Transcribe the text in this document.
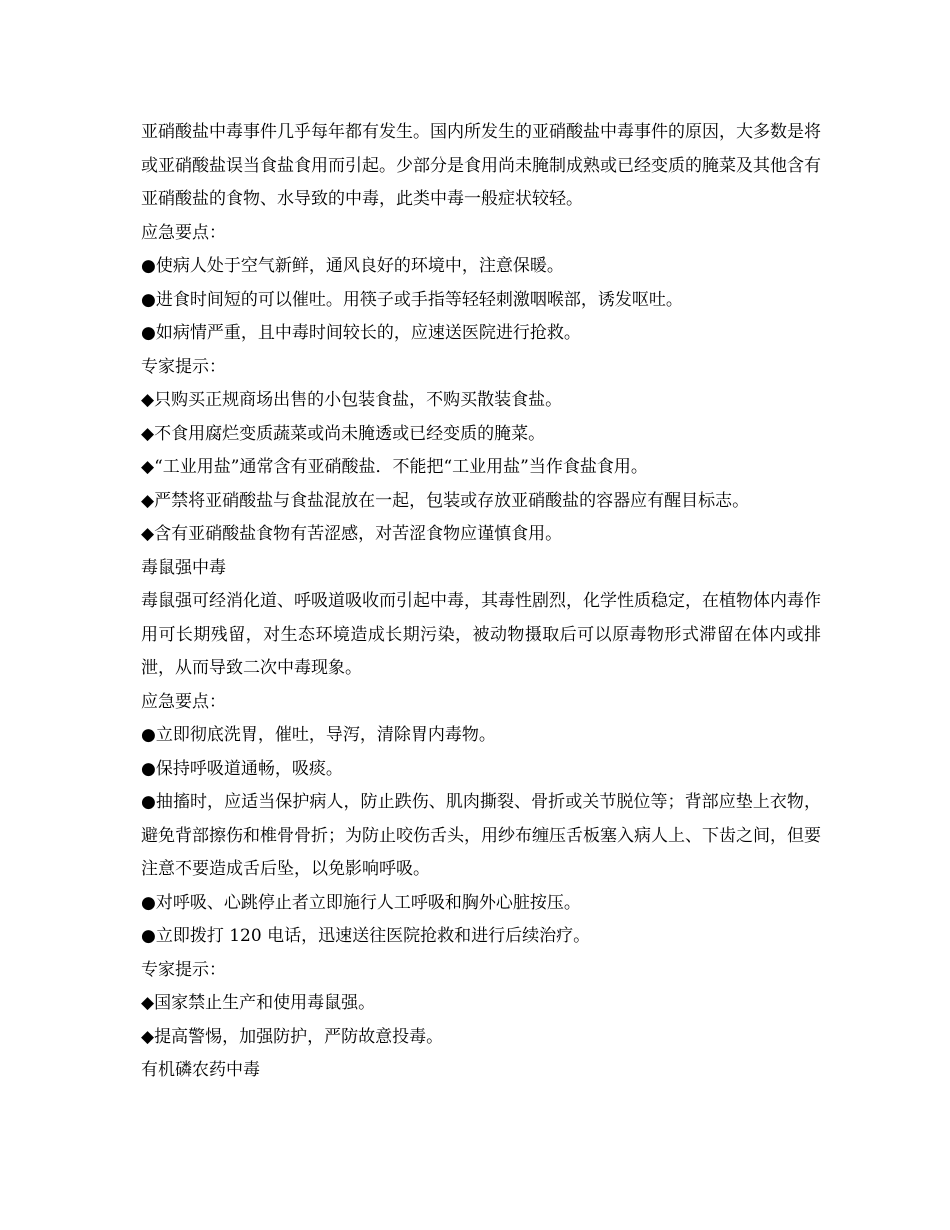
亚硝酸盐中毒事件几乎每年都有发生。国内所发生的亚硝酸盐中毒事件的原因，大多数是将或亚硝酸盐误当食盐食用而引起。少部分是食用尚未腌制成熟或已经变质的腌菜及其他含有亚硝酸盐的食物、水导致的中毒，此类中毒一般症状较轻。

应急要点：

●使病人处于空气新鲜，通风良好的环境中，注意保暖。

●进食时间短的可以催吐。用筷子或手指等轻轻刺激咽喉部，诱发呕吐。

●如病情严重，且中毒时间较长的，应速送医院进行抢救。

专家提示：

◆只购买正规商场出售的小包装食盐，不购买散装食盐。

◆不食用腐烂变质蔬菜或尚未腌透或已经变质的腌菜。

◆“工业用盐”通常含有亚硝酸盐．不能把“工业用盐”当作食盐食用。

◆严禁将亚硝酸盐与食盐混放在一起，包装或存放亚硝酸盐的容器应有醒目标志。

◆含有亚硝酸盐食物有苦涩感，对苦涩食物应谨慎食用。

毒鼠强中毒

毒鼠强可经消化道、呼吸道吸收而引起中毒，其毒性剧烈，化学性质稳定，在植物体内毒作用可长期残留，对生态环境造成长期污染，被动物摄取后可以原毒物形式滞留在体内或排泄，从而导致二次中毒现象。

应急要点：

●立即彻底洗胃，催吐，导泻，清除胃内毒物。

●保持呼吸道通畅，吸痰。

●抽搐时，应适当保护病人，防止跌伤、肌肉撕裂、骨折或关节脱位等；背部应垫上衣物，避免背部擦伤和椎骨骨折；为防止咬伤舌头，用纱布缠压舌板塞入病人上、下齿之间，但要注意不要造成舌后坠，以免影响呼吸。

●对呼吸、心跳停止者立即施行人工呼吸和胸外心脏按压。

●立即拨打 120 电话，迅速送往医院抢救和进行后续治疗。

专家提示：

◆国家禁止生产和使用毒鼠强。

◆提高警惕，加强防护，严防故意投毒。

有机磷农药中毒
